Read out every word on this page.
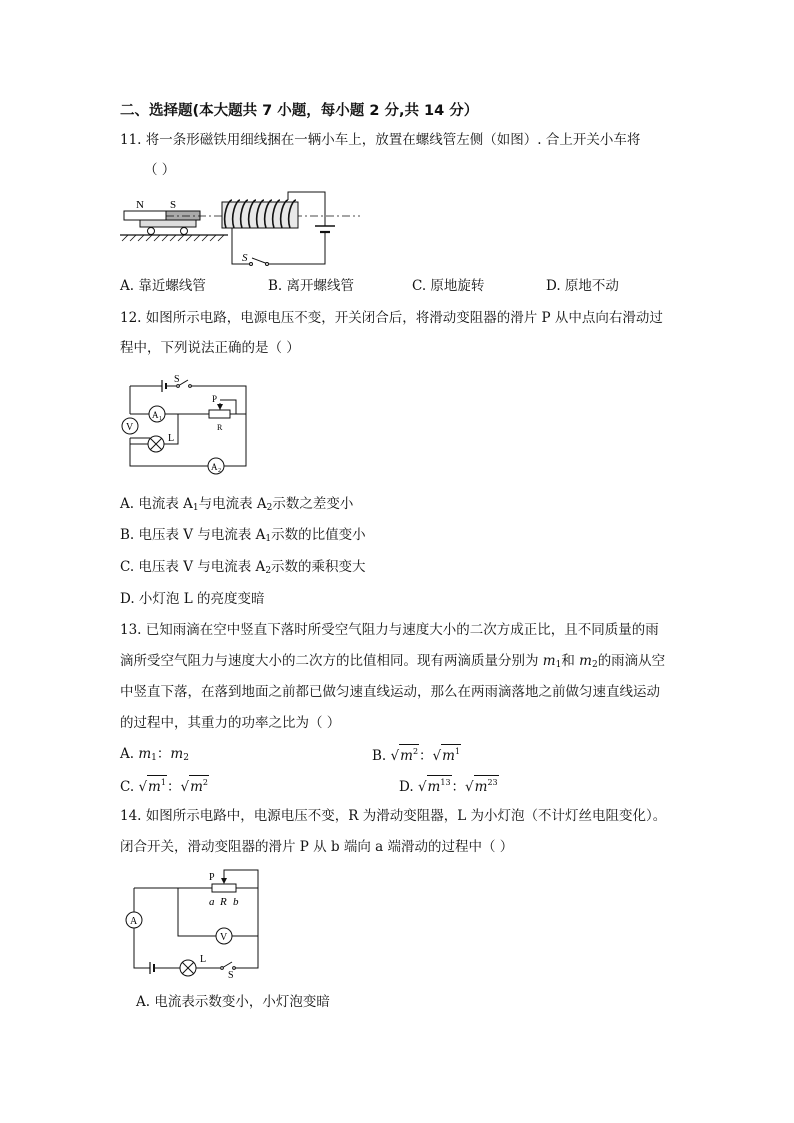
二、选择题(本大题共 7 小题，每小题 2 分,共 14 分）
11. 将一条形磁铁用细线捆在一辆小车上，放置在螺线管左侧（如图）. 合上开关小车将
（ ）
N S
S
A. 靠近螺线管	B. 离开螺线管	C. 原地旋转	D. 原地不动
12. 如图所示电路，电源电压不变，开关闭合后，将滑动变阻器的滑片 P 从中点向右滑动过
程中，下列说法正确的是（ ）
S
P
R
V
A 1
A 2
L
A. 电流表 $A_1$与电流表 $A_2$示数之差变小
B. 电压表 V 与电流表 $A_1$示数的比值变小
C. 电压表 V 与电流表 $A_2$示数的乘积变大
D. 小灯泡 L 的亮度变暗
13. 已知雨滴在空中竖直下落时所受空气阻力与速度大小的二次方成正比，且不同质量的雨
滴所受空气阻力与速度大小的二次方的比值相同。现有两滴质量分别为 $m_1$和 $m_2$的雨滴从空
中竖直下落，在落到地面之前都已做匀速直线运动，那么在两雨滴落地之前做匀速直线运动
的过程中，其重力的功率之比为（ ）
A. $m_1$：$m_2$	B. $√m^2$：$√m^1$
C. $√m^1$：$√m^2$	D. $√m^{13}$：$√m^{23}$
14. 如图所示电路中，电源电压不变，R 为滑动变阻器，L 为小灯泡（不计灯丝电阻变化）。
闭合开关，滑动变阻器的滑片 P 从 b 端向 a 端滑动的过程中（ ）
P
a R b
A
V
L
S
A. 电流表示数变小，小灯泡变暗
